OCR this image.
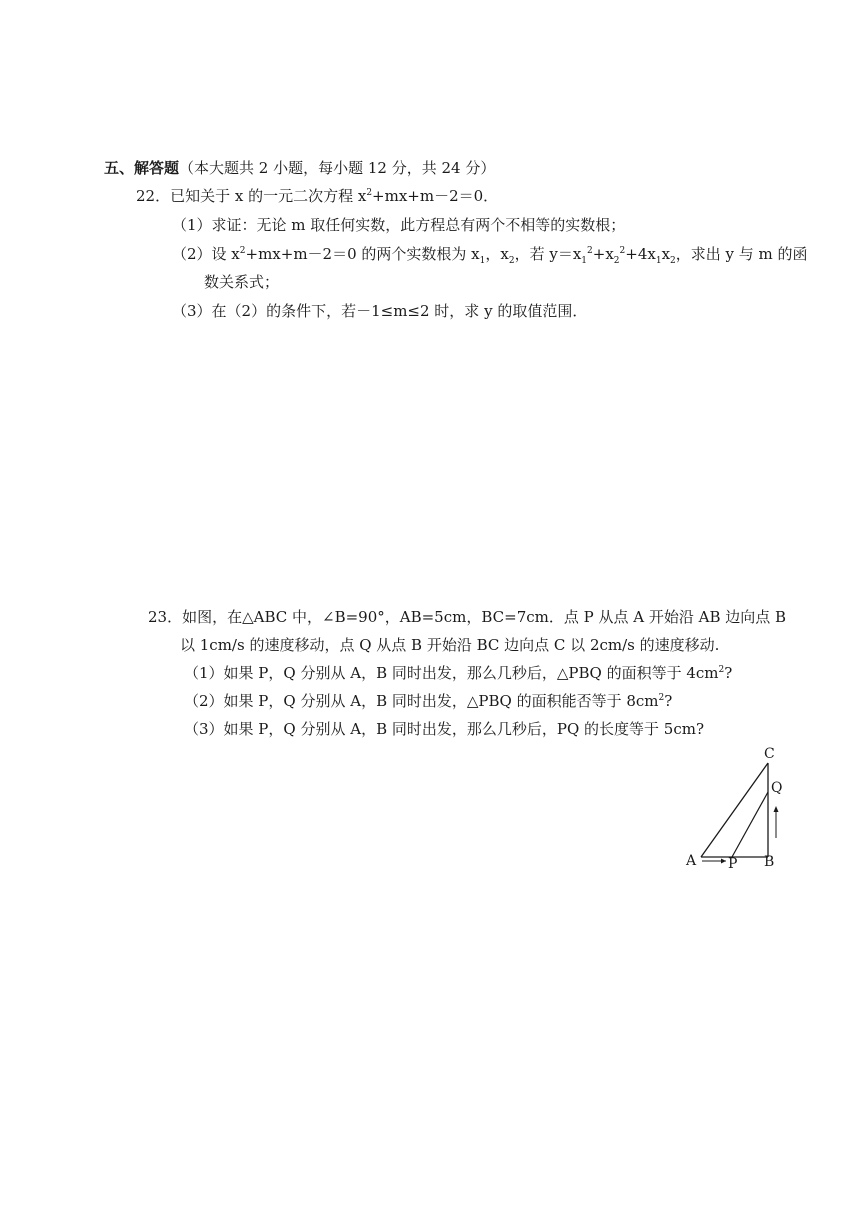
五、解答题（本大题共 2 小题，每小题 12 分，共 24 分）
22．已知关于 x 的一元二次方程 $x^2+mx+m-2=0$．
（1）求证：无论 m 取任何实数，此方程总有两个不相等的实数根；
（2）设 $x^2+mx+m-2=0$ 的两个实数根为 $x_1$，$x_2$，若 $y=x_1^2+x_2^2+4x_1x_2$，求出 y 与 m 的函
数关系式；
（3）在（2）的条件下，若－1≤m≤2 时，求 y 的取值范围．
23．如图，在△ABC 中，∠B=90°，AB=5cm，BC=7cm．点 P 从点 A 开始沿 AB 边向点 B
以 1cm/s 的速度移动，点 Q 从点 B 开始沿 BC 边向点 C 以 2cm/s 的速度移动.
（1）如果 P，Q 分别从 A，B 同时出发，那么几秒后，△PBQ 的面积等于 $4cm^2$?
（2）如果 P，Q 分别从 A，B 同时出发，△PBQ 的面积能否等于 $8cm^2$?
（3）如果 P，Q 分别从 A，B 同时出发，那么几秒后，PQ 的长度等于 5cm?
A P B
C
Q
